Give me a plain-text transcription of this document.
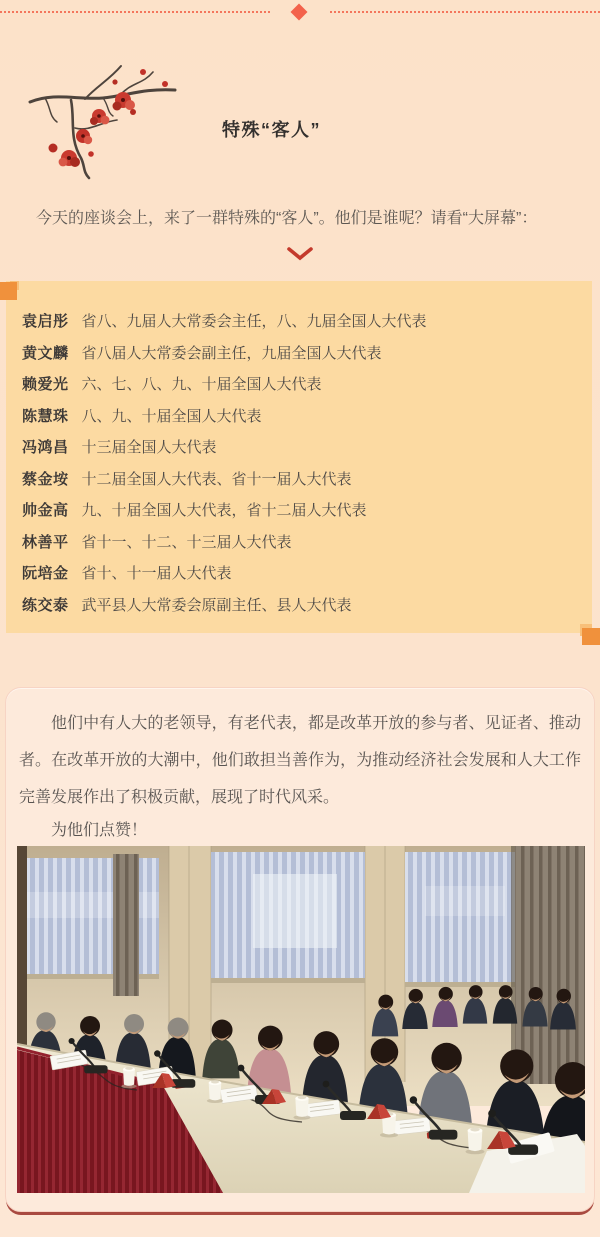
特殊“客人”
今天的座谈会上，来了一群特殊的“客人”。他们是谁呢？请看“大屏幕”：
袁启彤 省八、九届人大常委会主任，八、九届全国人大代表
黄文麟 省八届人大常委会副主任，九届全国人大代表
赖爱光 六、七、八、九、十届全国人大代表
陈慧珠 八、九、十届全国人大代表
冯鸿昌 十三届全国人大代表
蔡金垵 十二届全国人大代表、省十一届人大代表
帅金高 九、十届全国人大代表，省十二届人大代表
林善平 省十一、十二、十三届人大代表
阮培金 省十、十一届人大代表
练交泰 武平县人大常委会原副主任、县人大代表

他们中有人大的老领导，有老代表，都是改革开放的参与者、见证者、推动者。在改革开放的大潮中，他们敢担当善作为，为推动经济社会发展和人大工作完善发展作出了积极贡献，展现了时代风采。

为他们点赞！
